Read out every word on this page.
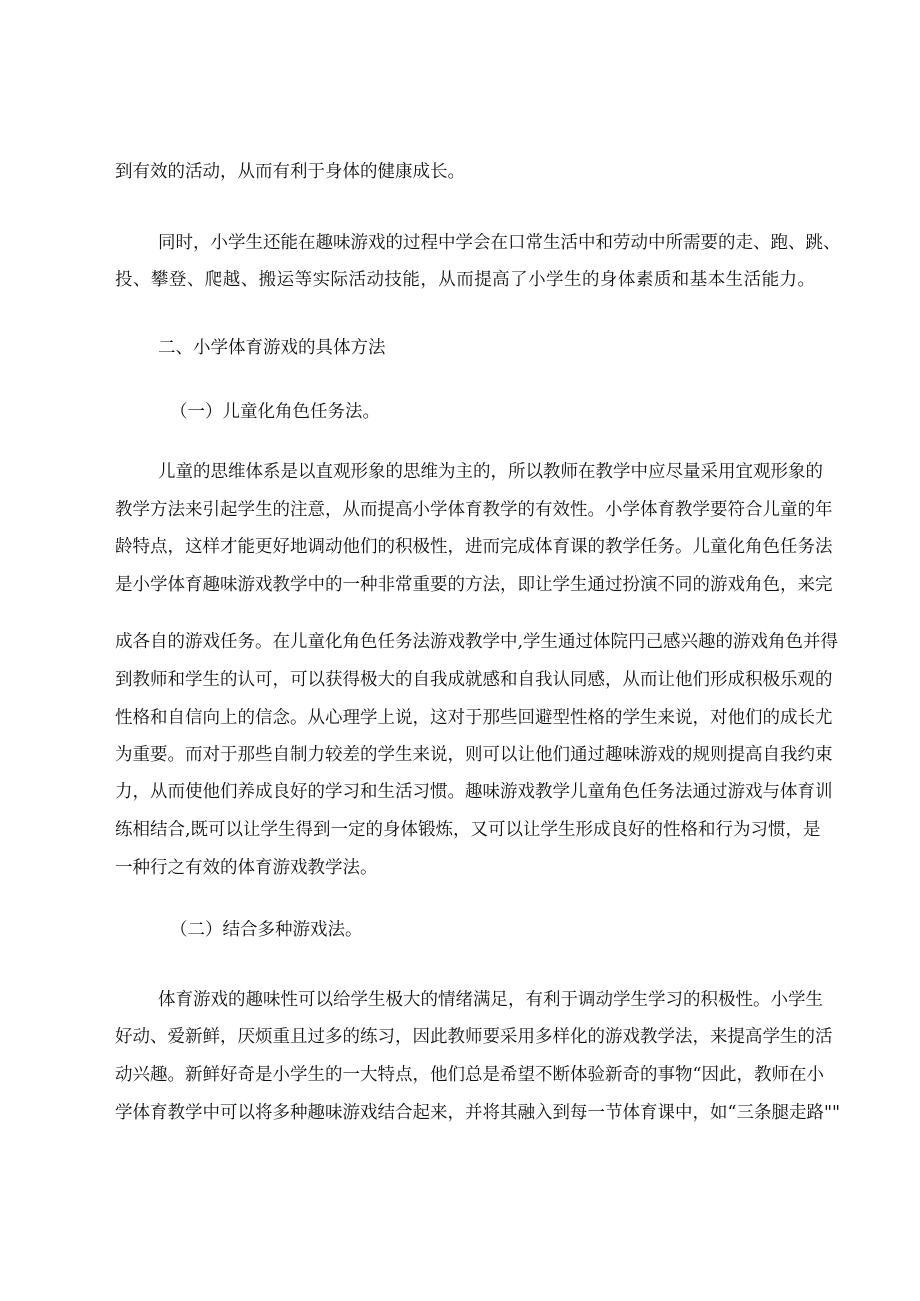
到有效的活动，从而有利于身体的健康成长。
同时，小学生还能在趣味游戏的过程中学会在口常生活中和劳动中所需要的走、跑、跳、
投、攀登、爬越、搬运等实际活动技能，从而提高了小学生的身体素质和基本生活能力。
二、小学体育游戏的具体方法
（一）儿童化角色任务法。
儿童的思维体系是以直观形象的思维为主的，所以教师在教学中应尽量采用宜观形象的
教学方法来引起学生的注意，从而提高小学体育教学的有效性。小学体育教学要符合儿童的年
龄特点，这样才能更好地调动他们的积极性，进而完成体育课的教学任务。儿童化角色任务法
是小学体育趣味游戏教学中的一种非常重要的方法，即让学生通过扮演不同的游戏角色，来完
成各自的游戏任务。在儿童化角色任务法游戏教学中,学生通过体院円己感兴趣的游戏角色并得
到教师和学生的认可，可以获得极大的自我成就感和自我认同感，从而让他们形成积极乐观的
性格和自信向上的信念。从心理学上说，这对于那些回避型性格的学生来说，对他们的成长尤
为重要。而对于那些自制力较差的学生来说，则可以让他们通过趣味游戏的规则提高自我约束
力，从而使他们养成良好的学习和生活习惯。趣味游戏教学儿童角色任务法通过游戏与体育训
练相结合,既可以让学生得到一定的身体锻炼，又可以让学生形成良好的性格和行为习惯，是
一种行之有效的体育游戏教学法。
（二）结合多种游戏法。
体育游戏的趣味性可以给学生极大的情绪满足，有利于调动学生学习的积极性。小学生
好动、爱新鲜，厌烦重且过多的练习，因此教师要采用多样化的游戏教学法，来提高学生的活
动兴趣。新鲜好奇是小学生的一大特点，他们总是希望不断体验新奇的事物“因此，教师在小
学体育教学中可以将多种趣味游戏结合起来，并将其融入到每一节体育课中，如“三条腿走路""
